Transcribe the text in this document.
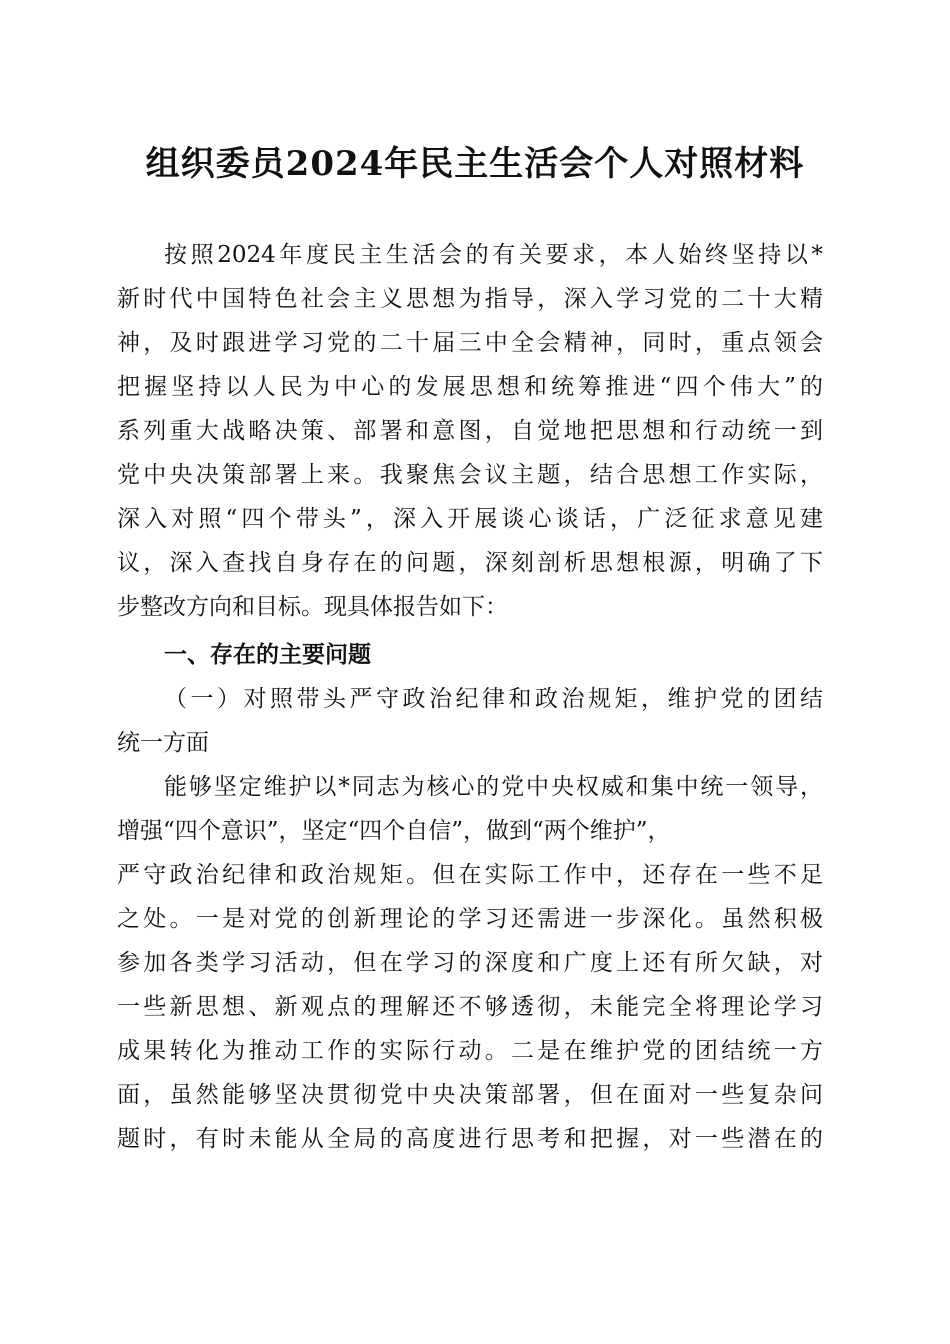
组织委员2024年民主生活会个人对照材料
按照2024年度民主生活会的有关要求，本人始终坚持以*
新时代中国特色社会主义思想为指导，深入学习党的二十大精
神，及时跟进学习党的二十届三中全会精神，同时，重点领会
把握坚持以人民为中心的发展思想和统筹推进“四个伟大”的
系列重大战略决策、部署和意图，自觉地把思想和行动统一到
党中央决策部署上来。我聚焦会议主题，结合思想工作实际，
深入对照“四个带头”，深入开展谈心谈话，广泛征求意见建
议，深入查找自身存在的问题，深刻剖析思想根源，明确了下
步整改方向和目标。现具体报告如下：
一、存在的主要问题
（一）对照带头严守政治纪律和政治规矩，维护党的团结
统一方面
能够坚定维护以*同志为核心的党中央权威和集中统一领导，
增强“四个意识”，坚定“四个自信”，做到“两个维护”，
严守政治纪律和政治规矩。但在实际工作中，还存在一些不足
之处。一是对党的创新理论的学习还需进一步深化。虽然积极
参加各类学习活动，但在学习的深度和广度上还有所欠缺，对
一些新思想、新观点的理解还不够透彻，未能完全将理论学习
成果转化为推动工作的实际行动。二是在维护党的团结统一方
面，虽然能够坚决贯彻党中央决策部署，但在面对一些复杂问
题时，有时未能从全局的高度进行思考和把握，对一些潜在的
